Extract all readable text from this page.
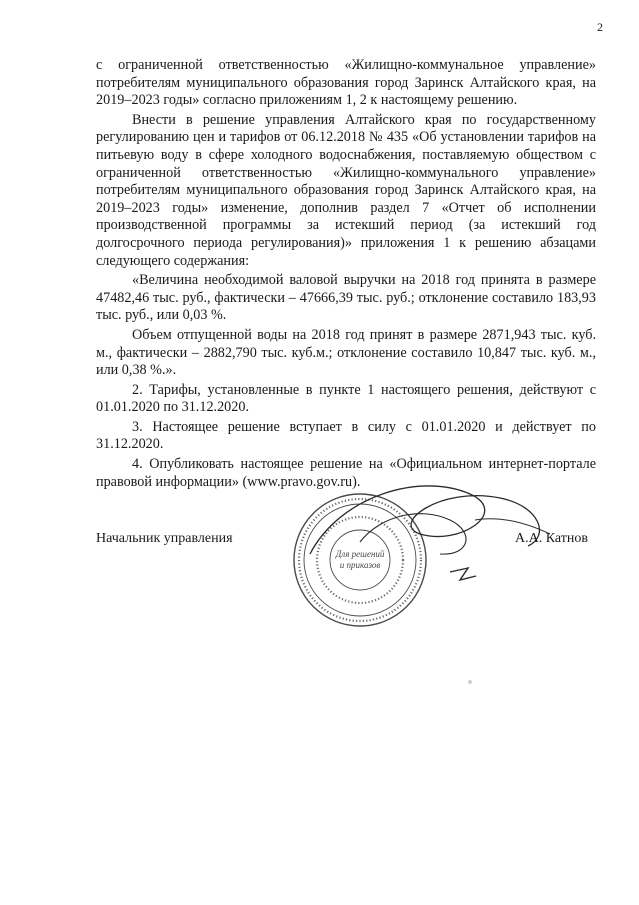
2

с ограниченной ответственностью «Жилищно-коммунальное управление» потребителям муниципального образования город Заринск Алтайского края, на 2019–2023 годы» согласно приложениям 1, 2 к настоящему решению.

Внести в решение управления Алтайского края по государственному регулированию цен и тарифов от 06.12.2018 № 435 «Об установлении тарифов на питьевую воду в сфере холодного водоснабжения, поставляемую обществом с ограниченной ответственностью «Жилищно-коммунального управление» потребителям муниципального образования город Заринск Алтайского края, на 2019–2023 годы» изменение, дополнив раздел 7 «Отчет об исполнении производственной программы за истекший период (за истекший год долгосрочного периода регулирования)» приложения 1 к решению абзацами следующего содержания:

«Величина необходимой валовой выручки на 2018 год принята в размере 47482,46 тыс. руб., фактически – 47666,39 тыс. руб.; отклонение составило 183,93 тыс. руб., или 0,03 %.

Объем отпущенной воды на 2018 год принят в размере 2871,943 тыс. куб. м., фактически – 2882,790 тыс. куб.м.; отклонение составило 10,847 тыс. куб. м., или 0,38 %.».

2. Тарифы, установленные в пункте 1 настоящего решения, действуют с 01.01.2020 по 31.12.2020.

3. Настоящее решение вступает в силу с 01.01.2020 и действует по 31.12.2020.

4. Опубликовать настоящее решение на «Официальном интернет-портале правовой информации» (www.pravo.gov.ru).

Для решений
и приказов
Начальник управления	А.А. Катнов
